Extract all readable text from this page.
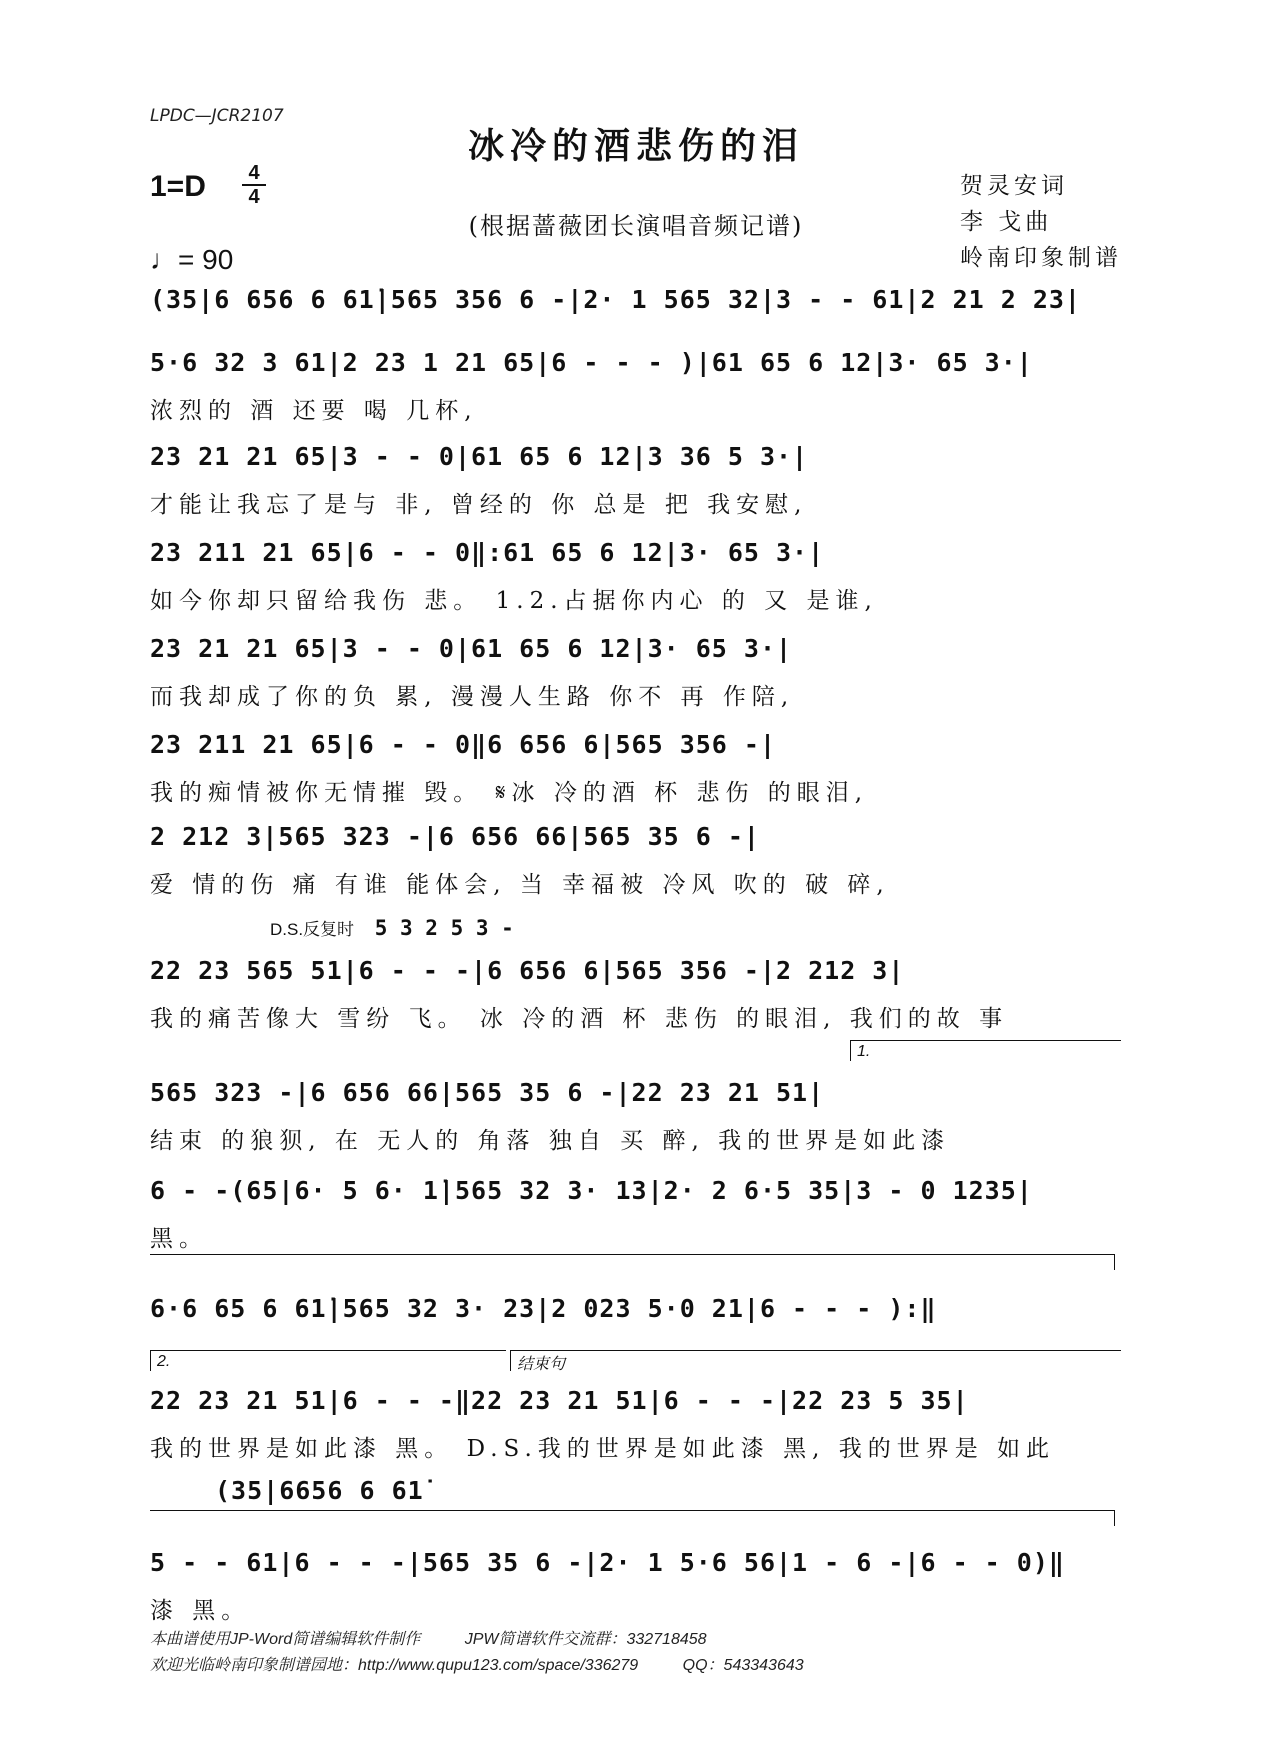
LPDC—JCR2107
冰冷的酒悲伤的泪
1=D	4
4
(根据蔷薇团长演唱音频记谱)
♩= 90
贺灵安词
李 戈曲
岭南印象制谱
(35|6 656 6 61̇|565 356 6 -|2· 1 565 32|3 - - 61|2 21 2 23|
5·6 32 3 61|2 23 1 21 65|6 - - - )|61 65 6 12|3· 65 3·|
浓烈的 酒 还要 喝 几杯,
23 21 21 65|3 - - 0|61 65 6 12|3 36 5 3·|
才能让我忘了是与 非, 曾经的 你 总是 把 我安慰,
23 211 21 65|6 - - 0‖:61 65 6 12|3· 65 3·|
如今你却只留给我伤 悲。 1.2.占据你内心 的 又 是谁,
23 21 21 65|3 - - 0|61 65 6 12|3· 65 3·|
而我却成了你的负 累, 漫漫人生路 你不 再 作陪,
23 211 21 65|6 - - 0‖6 656 6|565 356 -|
我的痴情被你无情摧 毁。 𝄋冰 冷的酒 杯 悲伤 的眼泪,
2 212 3|565 323 -|6 656 66|565 35 6 -|
爱 情的伤 痛 有谁 能体会, 当 幸福被 冷风 吹的 破 碎,
D.S.反复时 5 3 2 5 3 -
22 23 565 51|6 - - -|6 656 6|565 356 -|2 212 3|
我的痛苦像大 雪纷 飞。 冰 冷的酒 杯 悲伤 的眼泪, 我们的故 事
1.
565 323 -|6 656 66|565 35 6 -|22 23 21 51|
结束 的狼狈, 在 无人的 角落 独自 买 醉, 我的世界是如此漆
6 - -(65|6· 5 6· 1̇|565 32 3· 13|2· 2 6·5 35|3 - 0 1235|
黑。
6·6 65 6 61̇|565 32 3· 23|2 023 5·0 21|6 - - - ):‖
2.	结束句
22 23 21 51|6 - - -‖22 23 21 51|6 - - -|22 23 5 35|
我的世界是如此漆 黑。 D.S.我的世界是如此漆 黑, 我的世界是 如此
(35|6656 6 61̇
5 - - 61|6 - - -|565 35 6 -|2· 1 5·6 56|1 - 6 -|6 - - 0)‖
漆 黑。
本曲谱使用JP-Word简谱编辑软件制作	JPW简谱软件交流群：332718458
欢迎光临岭南印象制谱园地：http://www.qupu123.com/space/336279	QQ：543343643
